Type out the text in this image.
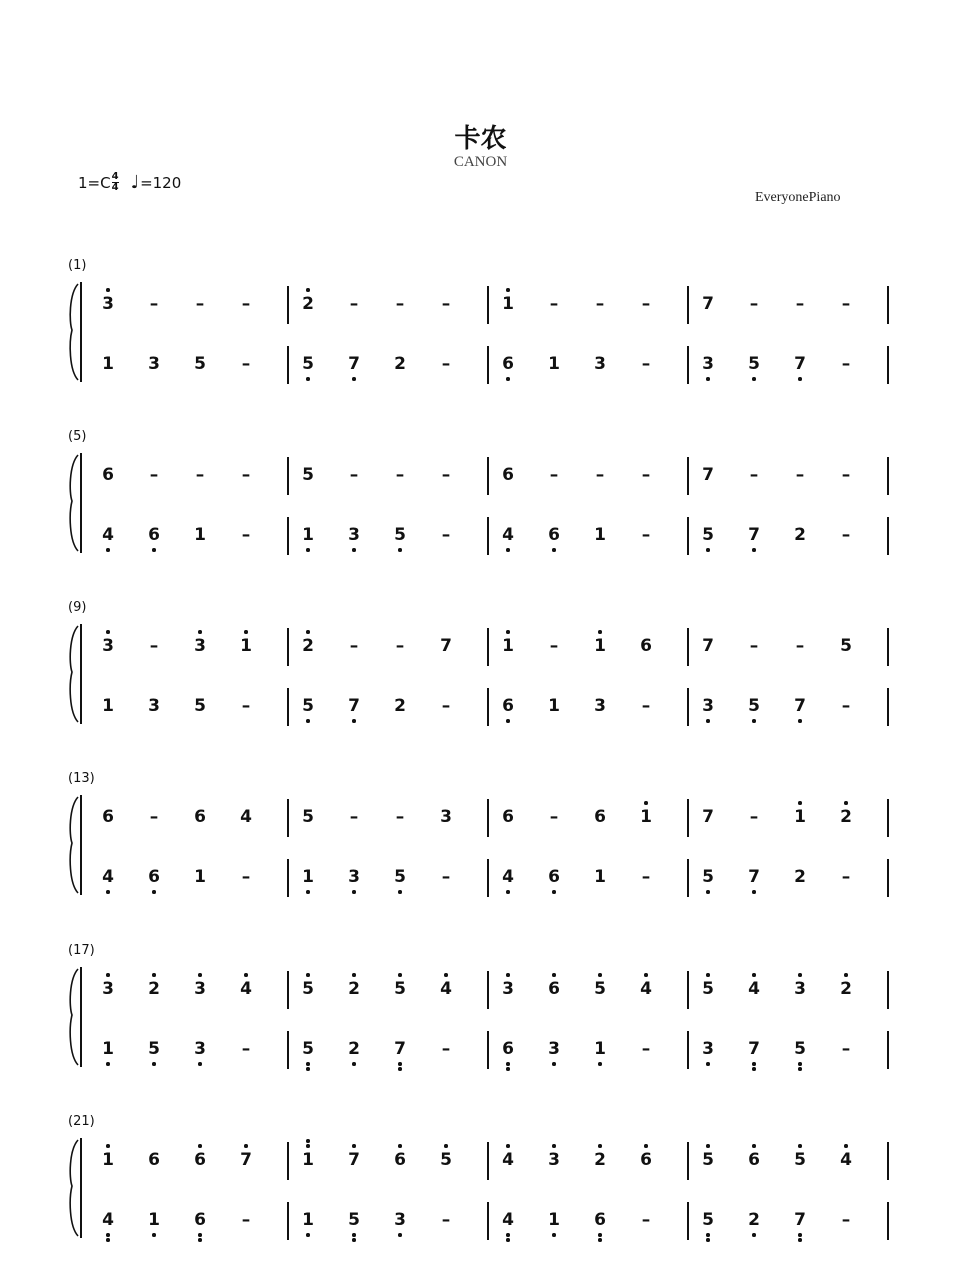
卡农
CANON
$1=C \frac{4}{4}$ ♩ =120
EveryonePiano
(1)
3	–	–	–	2	–	–	–	1	–	–	–	7	–	–	–
1	3	5	–	5	7	2	–	6	1	3	–	3	5	7	–
(5)
6	–	–	–	5	–	–	–	6	–	–	–	7	–	–	–
4	6	1	–	1	3	5	–	4	6	1	–	5	7	2	–
(9)
3	–	3	1	2	–	–	7	1	–	1	6	7	–	–	5
1	3	5	–	5	7	2	–	6	1	3	–	3	5	7	–
(13)
6	–	6	4	5	–	–	3	6	–	6	1	7	–	1	2
4	6	1	–	1	3	5	–	4	6	1	–	5	7	2	–
(17)
3	2	3	4	5	2	5	4	3	6	5	4	5	4	3	2
1	5	3	–	5	2	7	–	6	3	1	–	3	7	5	–
(21)
1	6	6	7	1	7	6	5	4	3	2	6	5	6	5	4
4	1	6	–	1	5	3	–	4	1	6	–	5	2	7	–
